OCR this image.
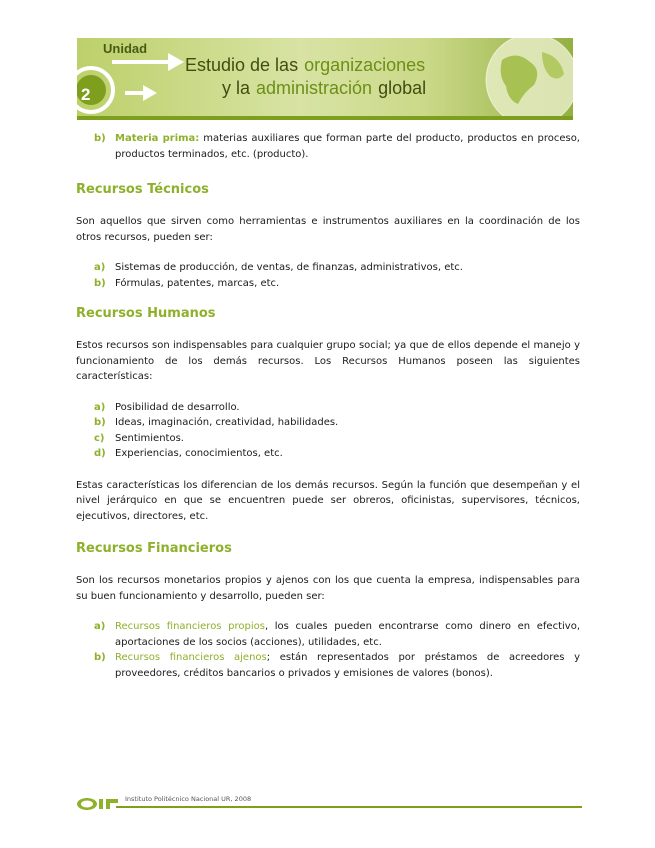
Unidad
2
Estudio de las organizaciones
y la administración global
b) Materia prima: materias auxiliares que forman parte del producto, productos en proceso, productos terminados, etc. (producto).
Recursos Técnicos

Son aquellos que sirven como herramientas e instrumentos auxiliares en la coordinación de los otros recursos, pueden ser:

a) Sistemas de producción, de ventas, de finanzas, administrativos, etc.
b) Fórmulas, patentes, marcas, etc.
Recursos Humanos

Estos recursos son indispensables para cualquier grupo social; ya que de ellos depende el manejo y funcionamiento de los demás recursos. Los Recursos Humanos poseen las siguientes características:

a) Posibilidad de desarrollo.
b) Ideas, imaginación, creatividad, habilidades.
c) Sentimientos.
d) Experiencias, conocimientos, etc.

Estas características los diferencian de los demás recursos. Según la función que desempeñan y el nivel jerárquico en que se encuentren puede ser obreros, oficinistas, supervisores, técnicos, ejecutivos, directores, etc.

Recursos Financieros

Son los recursos monetarios propios y ajenos con los que cuenta la empresa, indispensables para su buen funcionamiento y desarrollo, pueden ser:

a) Recursos financieros propios, los cuales pueden encontrarse como dinero en efectivo, aportaciones de los socios (acciones), utilidades, etc.
b) Recursos financieros ajenos; están representados por préstamos de acreedores y proveedores, créditos bancarios o privados y emisiones de valores (bonos).
Instituto Politécnico Nacional UR, 2008
